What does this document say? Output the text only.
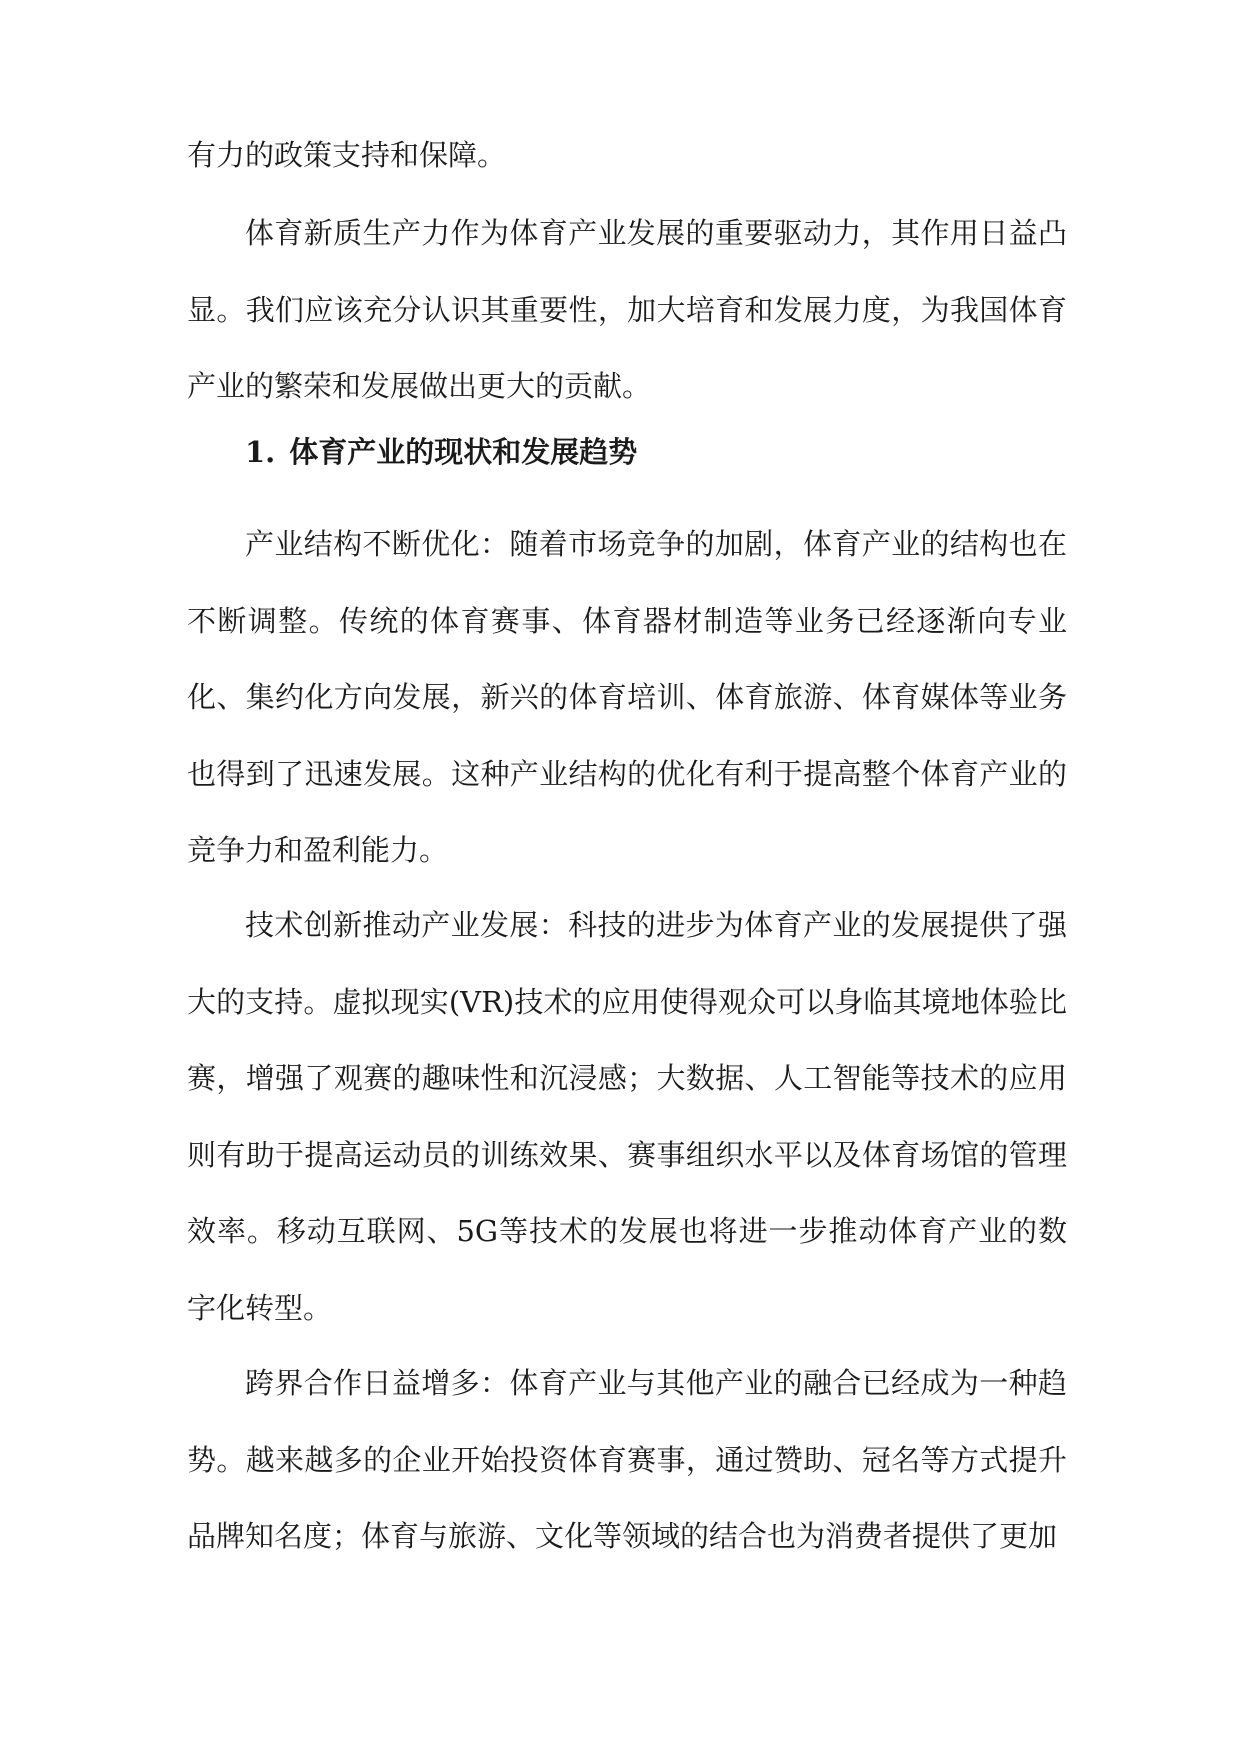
有力的政策支持和保障。

体育新质生产力作为体育产业发展的重要驱动力，其作用日益凸显。我们应该充分认识其重要性，加大培育和发展力度，为我国体育产业的繁荣和发展做出更大的贡献。

1. 体育产业的现状和发展趋势

产业结构不断优化：随着市场竞争的加剧，体育产业的结构也在不断调整。传统的体育赛事、体育器材制造等业务已经逐渐向专业化、集约化方向发展，新兴的体育培训、体育旅游、体育媒体等业务也得到了迅速发展。这种产业结构的优化有利于提高整个体育产业的竞争力和盈利能力。

技术创新推动产业发展：科技的进步为体育产业的发展提供了强大的支持。虚拟现实(VR)技术的应用使得观众可以身临其境地体验比赛，增强了观赛的趣味性和沉浸感；大数据、人工智能等技术的应用则有助于提高运动员的训练效果、赛事组织水平以及体育场馆的管理效率。移动互联网、5G等技术的发展也将进一步推动体育产业的数字化转型。

跨界合作日益增多：体育产业与其他产业的融合已经成为一种趋势。越来越多的企业开始投资体育赛事，通过赞助、冠名等方式提升品牌知名度；体育与旅游、文化等领域的结合也为消费者提供了更加
